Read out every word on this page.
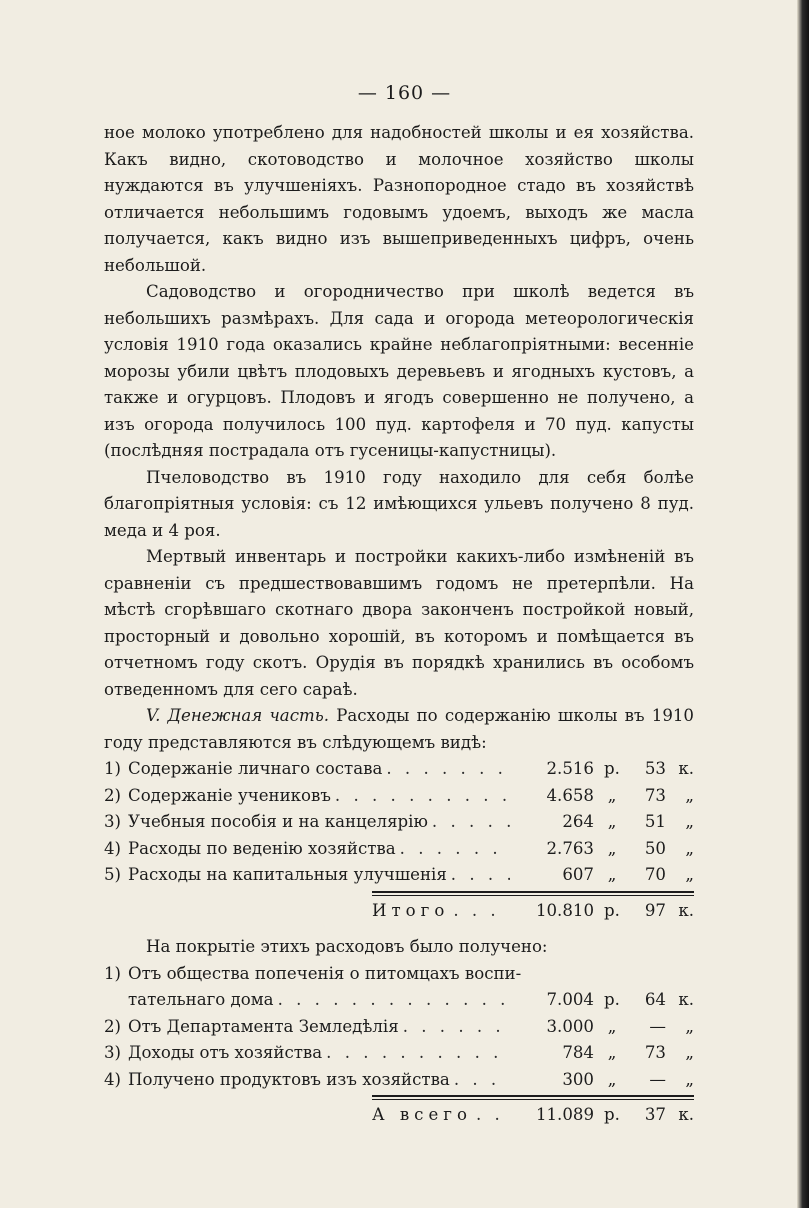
— 160 —

ное молоко употреблено для надобностей школы и ея хозяйства. Какъ видно, скотоводство и молочное хозяйство школы нуждаются въ улучшеніяхъ. Разнопородное стадо въ хозяйствѣ отличается небольшимъ годовымъ удоемъ, выходъ же масла получается, какъ видно изъ вышеприведенныхъ цифръ, очень небольшой.

Садоводство и огородничество при школѣ ведется въ небольшихъ размѣрахъ. Для сада и огорода метеорологическія условія 1910 года оказались крайне неблагопріятными: весенніе морозы убили цвѣтъ плодовыхъ деревьевъ и ягодныхъ кустовъ, а также и огурцовъ. Плодовъ и ягодъ совершенно не получено, а изъ огорода получилось 100 пуд. картофеля и 70 пуд. капусты (послѣдняя пострадала отъ гусеницы-капустницы).

Пчеловодство въ 1910 году находило для себя болѣе благопріятныя условія: съ 12 имѣющихся ульевъ получено 8 пуд. меда и 4 роя.

Мертвый инвентарь и постройки какихъ-либо измѣненій въ сравненіи съ предшествовавшимъ годомъ не претерпѣли. На мѣстѣ сгорѣвшаго скотнаго двора законченъ постройкой новый, просторный и довольно хорошій, въ которомъ и помѣщается въ отчетномъ году скотъ. Орудія въ порядкѣ хранились въ особомъ отведенномъ для сего сараѣ.

V. Денежная часть. Расходы по содержанію школы въ 1910 году представляются въ слѣдующемъ видѣ:

1) Содержаніе личнаго состава . . .	2.516 р.	53 к.
2) Содержаніе учениковъ . . .	4.658 „	73	„
3) Учебныя пособія и на канцелярію . . .	264 „	51	„
4) Расходы по веденію хозяйства . . .	2.763 „	50	„
5) Расходы на капитальныя улучшенія . . .	607 „	70	„
Итого . . .	10.810 р.	97 к.

На покрытіе этихъ расходовъ было получено:

1) Отъ общества попеченія о питомцахъ воспи-
тательнаго дома . . .	7.004 р.	64 к.
2) Отъ Департамента Земледѣлія . . .	3.000 „	—	„
3) Доходы отъ хозяйства . . .	784 „	73	„
4) Получено продуктовъ изъ хозяйства . . .	300 „	—	„
А всего . . .	11.089 р.	37 к.
